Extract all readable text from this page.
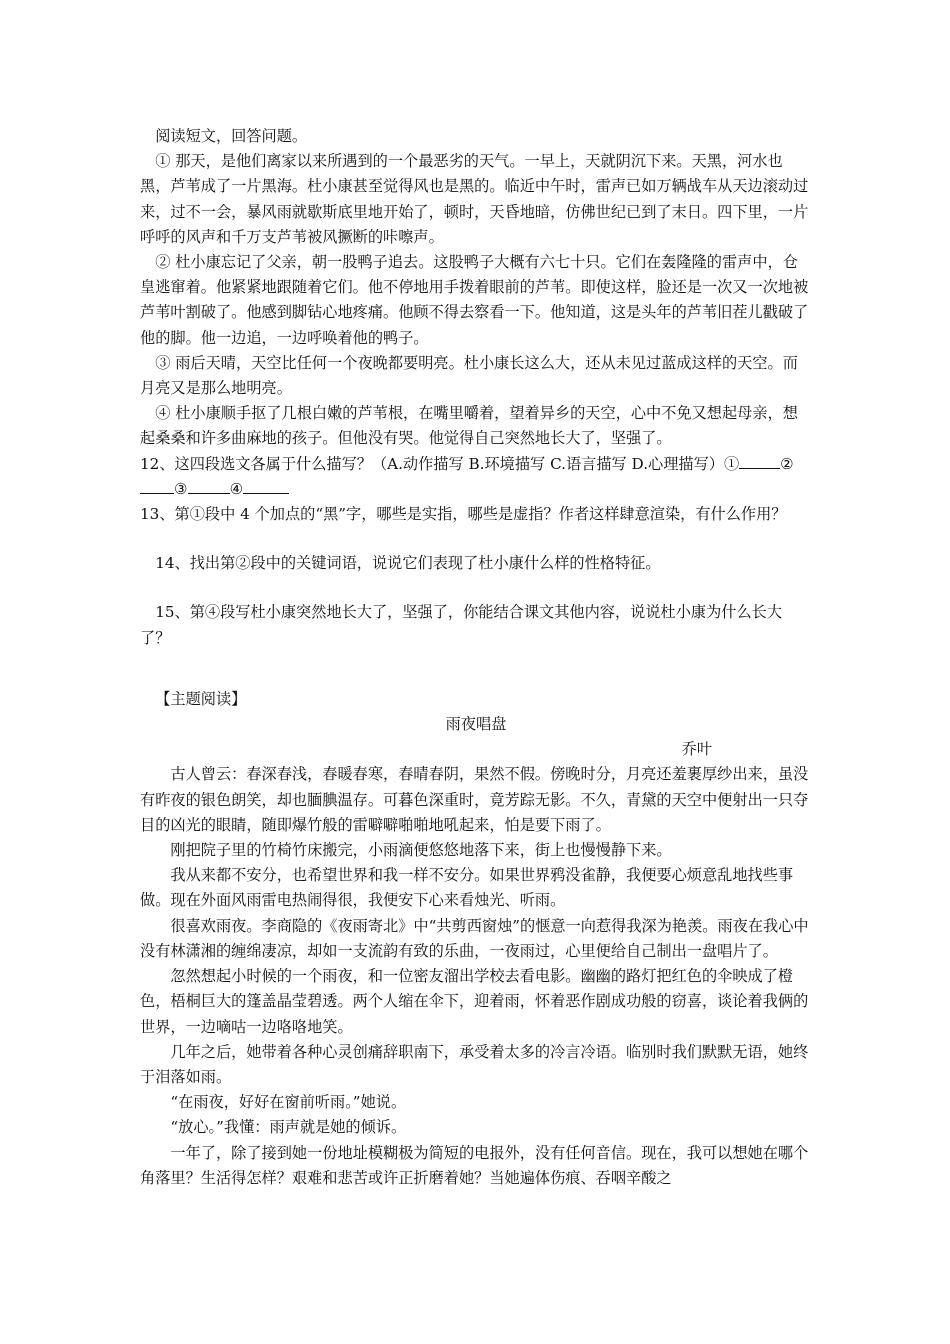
阅读短文，回答问题。

① 那天，是他们离家以来所遇到的一个最恶劣的天气。一早上，天就阴沉下来。天黑，河水也黑，芦苇成了一片黑海。杜小康甚至觉得风也是黑的。临近中午时，雷声已如万辆战车从天边滚动过来，过不一会，暴风雨就歇斯底里地开始了，顿时，天昏地暗，仿佛世纪已到了末日。四下里，一片呼呼的风声和千万支芦苇被风撅断的咔嚓声。

② 杜小康忘记了父亲，朝一股鸭子追去。这股鸭子大概有六七十只。它们在轰隆隆的雷声中，仓皇逃窜着。他紧紧地跟随着它们。他不停地用手拨着眼前的芦苇。即使这样，脸还是一次又一次地被芦苇叶割破了。他感到脚钻心地疼痛。他顾不得去察看一下。他知道，这是头年的芦苇旧茬儿戳破了他的脚。他一边追，一边呼唤着他的鸭子。

③ 雨后天晴，天空比任何一个夜晚都要明亮。杜小康长这么大，还从未见过蓝成这样的天空。而月亮又是那么地明亮。

④ 杜小康顺手抠了几根白嫩的芦苇根，在嘴里嚼着，望着异乡的天空，心中不免又想起母亲，想起桑桑和许多曲麻地的孩子。但他没有哭。他觉得自己突然地长大了，坚强了。

12、这四段选文各属于什么描写？（A.动作描写 B.环境描写 C.语言描写 D.心理描写）①	②③	④

13、第①段中 4 个加点的“黑”字，哪些是实指，哪些是虚指？作者这样肆意渲染，有什么作用？

14、找出第②段中的关键词语，说说它们表现了杜小康什么样的性格特征。

15、第④段写杜小康突然地长大了，坚强了，你能结合课文其他内容，说说杜小康为什么长大了？

【主题阅读】

雨夜唱盘

乔叶

古人曾云：春深春浅，春暖春寒，春晴春阴，果然不假。傍晚时分，月亮还羞裹厚纱出来，虽没有昨夜的银色朗笑，却也腼腆温存。可暮色深重时，竟芳踪无影。不久，青黛的天空中便射出一只夺目的凶光的眼睛，随即爆竹般的雷噼噼啪啪地吼起来，怕是要下雨了。

刚把院子里的竹椅竹床搬完，小雨滴便悠悠地落下来，街上也慢慢静下来。

我从来都不安分，也希望世界和我一样不安分。如果世界鸦没雀静，我便要心烦意乱地找些事做。现在外面风雨雷电热闹得很，我便安下心来看烛光、听雨。

很喜欢雨夜。李商隐的《夜雨寄北》中“共剪西窗烛”的惬意一向惹得我深为艳羡。雨夜在我心中没有林潇湘的缠绵凄凉，却如一支流韵有致的乐曲，一夜雨过，心里便给自己制出一盘唱片了。

忽然想起小时候的一个雨夜，和一位密友溜出学校去看电影。幽幽的路灯把红色的伞映成了橙色，梧桐巨大的篷盖晶莹碧透。两个人缩在伞下，迎着雨，怀着恶作剧成功般的窃喜，谈论着我俩的世界，一边嘀咕一边咯咯地笑。

几年之后，她带着各种心灵创痛辞职南下，承受着太多的冷言冷语。临别时我们默默无语，她终于泪落如雨。

“在雨夜，好好在窗前听雨。”她说。

“放心。”我懂：雨声就是她的倾诉。

一年了，除了接到她一份地址模糊极为简短的电报外，没有任何音信。现在，我可以想她在哪个角落里？生活得怎样？艰难和悲苦或许正折磨着她？当她遍体伤痕、吞咽辛酸之
